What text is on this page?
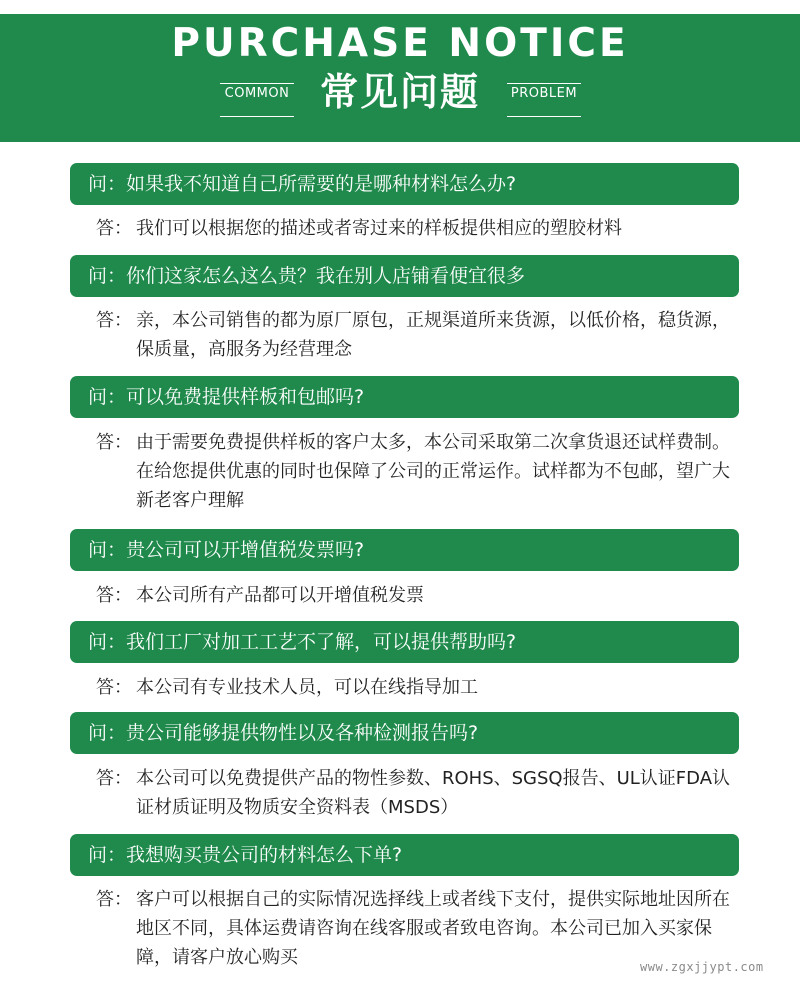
PURCHASE NOTICE
COMMON 常见问题	PROBLEM
问：如果我不知道自己所需要的是哪种材料怎么办?
答： 我们可以根据您的描述或者寄过来的样板提供相应的塑胶材料
问：你们这家怎么这么贵？我在别人店铺看便宜很多
答： 亲，本公司销售的都为原厂原包，正规渠道所来货源，以低价格，稳货源，保质量，高服务为经营理念
问：可以免费提供样板和包邮吗?
答： 由于需要免费提供样板的客户太多，本公司采取第二次拿货退还试样费制。在给您提供优惠的同时也保障了公司的正常运作。试样都为不包邮，望广大新老客户理解
问：贵公司可以开增值税发票吗?
答： 本公司所有产品都可以开增值税发票
问：我们工厂对加工工艺不了解，可以提供帮助吗?
答： 本公司有专业技术人员，可以在线指导加工
问：贵公司能够提供物性以及各种检测报告吗?
答： 本公司可以免费提供产品的物性参数、ROHS、SGSQ报告、UL认证FDA认证材质证明及物质安全资料表（MSDS）
问：我想购买贵公司的材料怎么下单?
答： 客户可以根据自己的实际情况选择线上或者线下支付，提供实际地址因所在地区不同，具体运费请咨询在线客服或者致电咨询。本公司已加入买家保障，请客户放心购买	www.zgxjjypt.com
